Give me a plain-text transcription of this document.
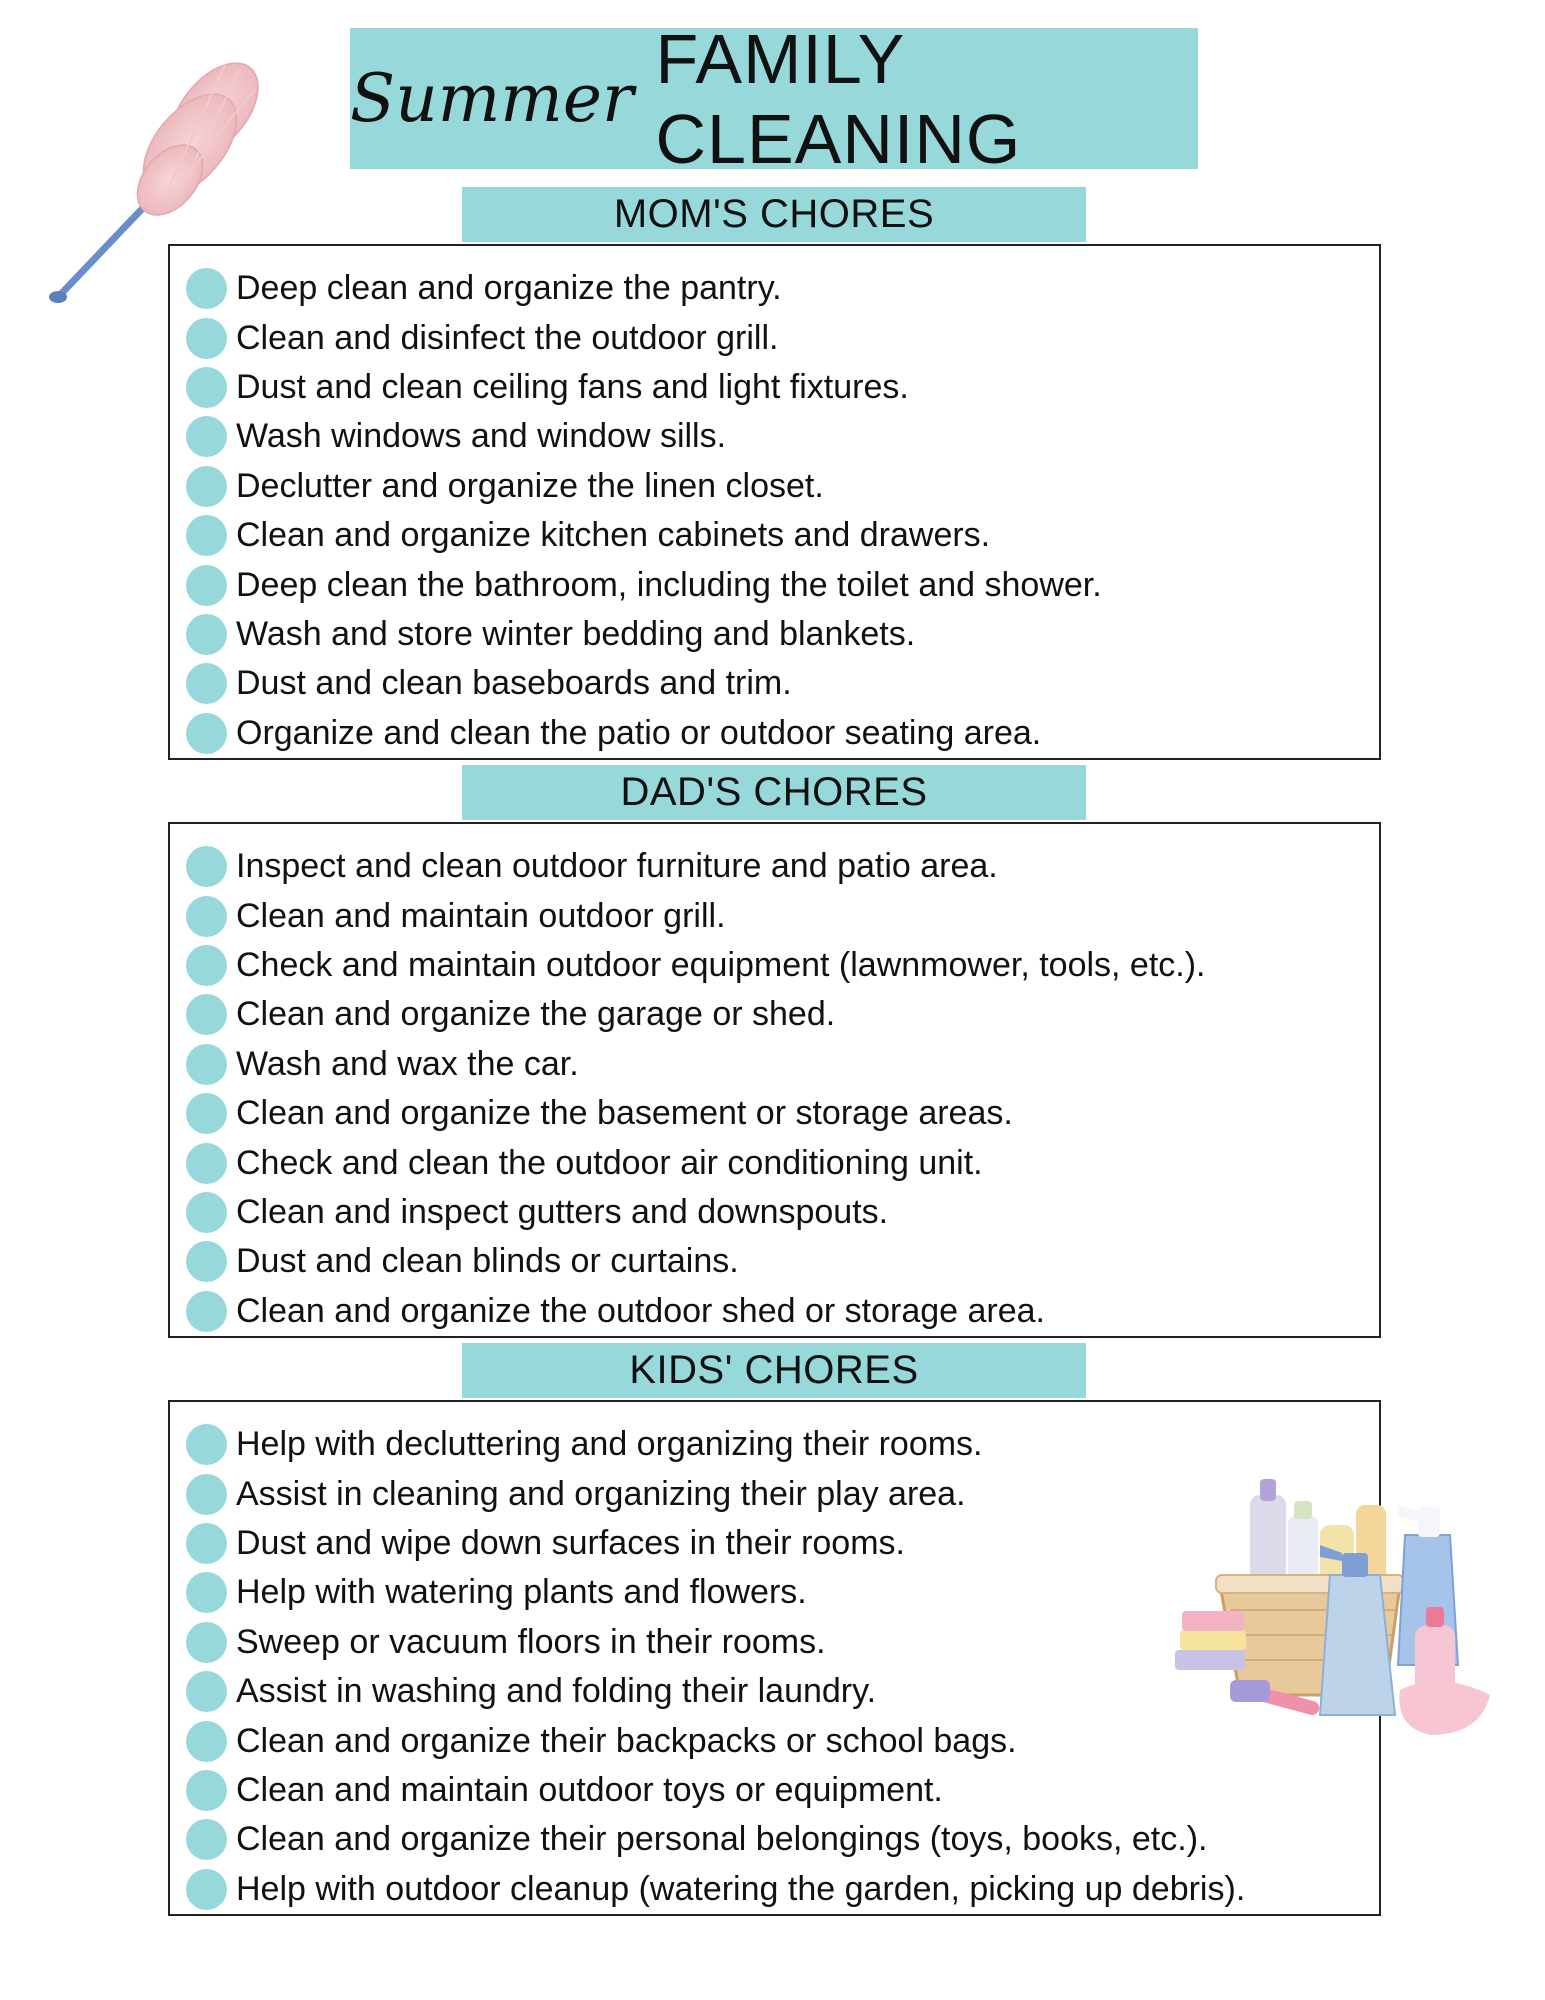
Summer
FAMILY CLEANING
MOM'S CHORES
Deep clean and organize the pantry.
Clean and disinfect the outdoor grill.
Dust and clean ceiling fans and light fixtures.
Wash windows and window sills.
Declutter and organize the linen closet.
Clean and organize kitchen cabinets and drawers.
Deep clean the bathroom, including the toilet and shower.
Wash and store winter bedding and blankets.
Dust and clean baseboards and trim.
Organize and clean the patio or outdoor seating area.
DAD'S CHORES
Inspect and clean outdoor furniture and patio area.
Clean and maintain outdoor grill.
Check and maintain outdoor equipment (lawnmower, tools, etc.).
Clean and organize the garage or shed.
Wash and wax the car.
Clean and organize the basement or storage areas.
Check and clean the outdoor air conditioning unit.
Clean and inspect gutters and downspouts.
Dust and clean blinds or curtains.
Clean and organize the outdoor shed or storage area.
KIDS' CHORES
Help with decluttering and organizing their rooms.
Assist in cleaning and organizing their play area.
Dust and wipe down surfaces in their rooms.
Help with watering plants and flowers.
Sweep or vacuum floors in their rooms.
Assist in washing and folding their laundry.
Clean and organize their backpacks or school bags.
Clean and maintain outdoor toys or equipment.
Clean and organize their personal belongings (toys, books, etc.).
Help with outdoor cleanup (watering the garden, picking up debris).
